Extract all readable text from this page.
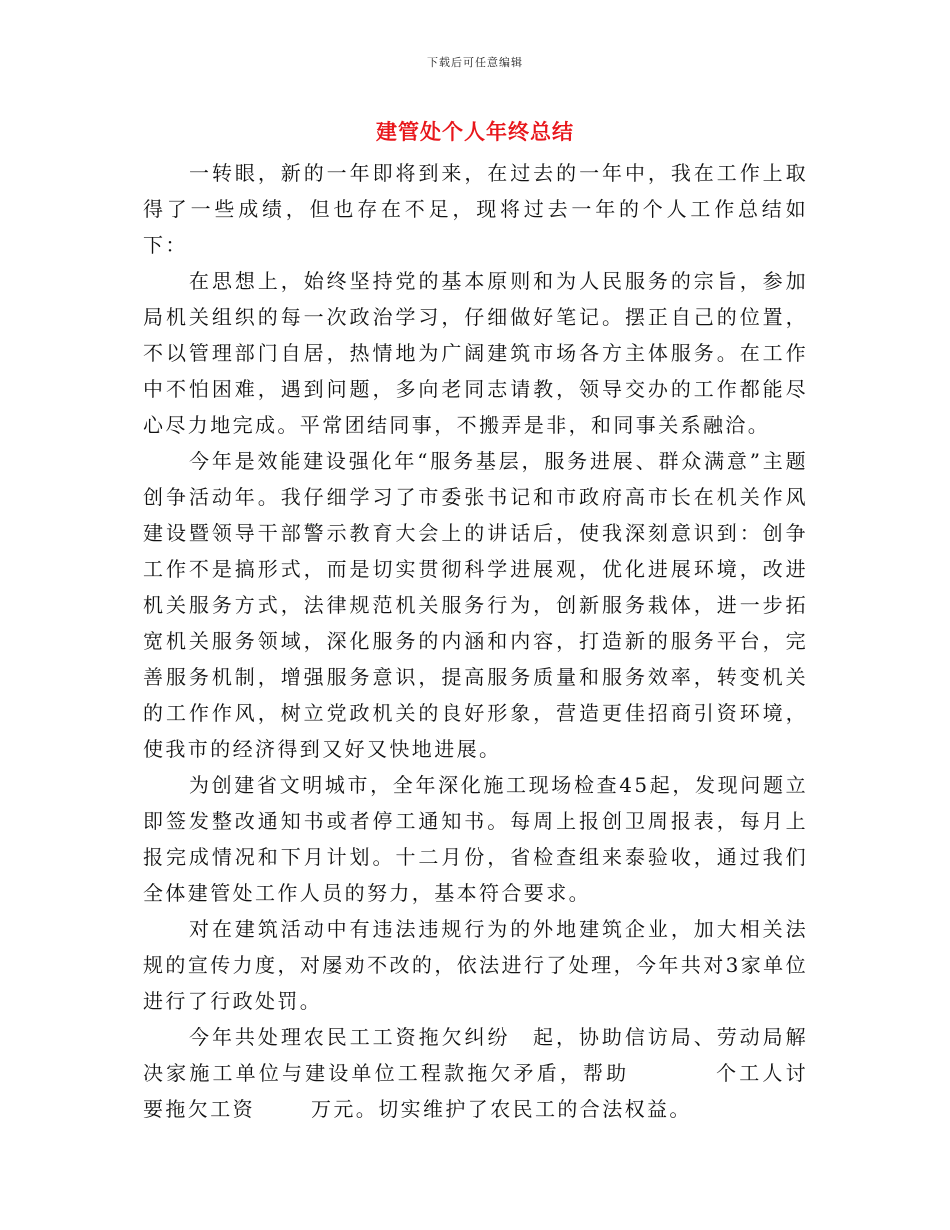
下载后可任意编辑
建管处个人年终总结

一转眼，新的一年即将到来，在过去的一年中，我在工作上取得了一些成绩，但也存在不足，现将过去一年的个人工作总结如下：

在思想上，始终坚持党的基本原则和为人民服务的宗旨，参加局机关组织的每一次政治学习，仔细做好笔记。摆正自己的位置，不以管理部门自居，热情地为广阔建筑市场各方主体服务。在工作中不怕困难，遇到问题，多向老同志请教，领导交办的工作都能尽心尽力地完成。平常团结同事，不搬弄是非，和同事关系融洽。

今年是效能建设强化年“服务基层，服务进展、群众满意”主题创争活动年。我仔细学习了市委张书记和市政府高市长在机关作风建设暨领导干部警示教育大会上的讲话后，使我深刻意识到：创争工作不是搞形式，而是切实贯彻科学进展观，优化进展环境，改进机关服务方式，法律规范机关服务行为，创新服务栽体，进一步拓宽机关服务领域，深化服务的内涵和内容，打造新的服务平台，完善服务机制，增强服务意识，提高服务质量和服务效率，转变机关的工作作风，树立党政机关的良好形象，营造更佳招商引资环境，使我市的经济得到又好又快地进展。

为创建省文明城市，全年深化施工现场检查45起，发现问题立即签发整改通知书或者停工通知书。每周上报创卫周报表，每月上报完成情况和下月计划。十二月份，省检查组来泰验收，通过我们全体建管处工作人员的努力，基本符合要求。

对在建筑活动中有违法违规行为的外地建筑企业，加大相关法规的宣传力度，对屡劝不改的，依法进行了处理，今年共对3家单位进行了行政处罚。

今年共处理农民工工资拖欠纠纷 起，协助信访局、劳动局解决家施工单位与建设单位工程款拖欠矛盾，帮助	个工人讨要拖欠工资	万元。切实维护了农民工的合法权益。
